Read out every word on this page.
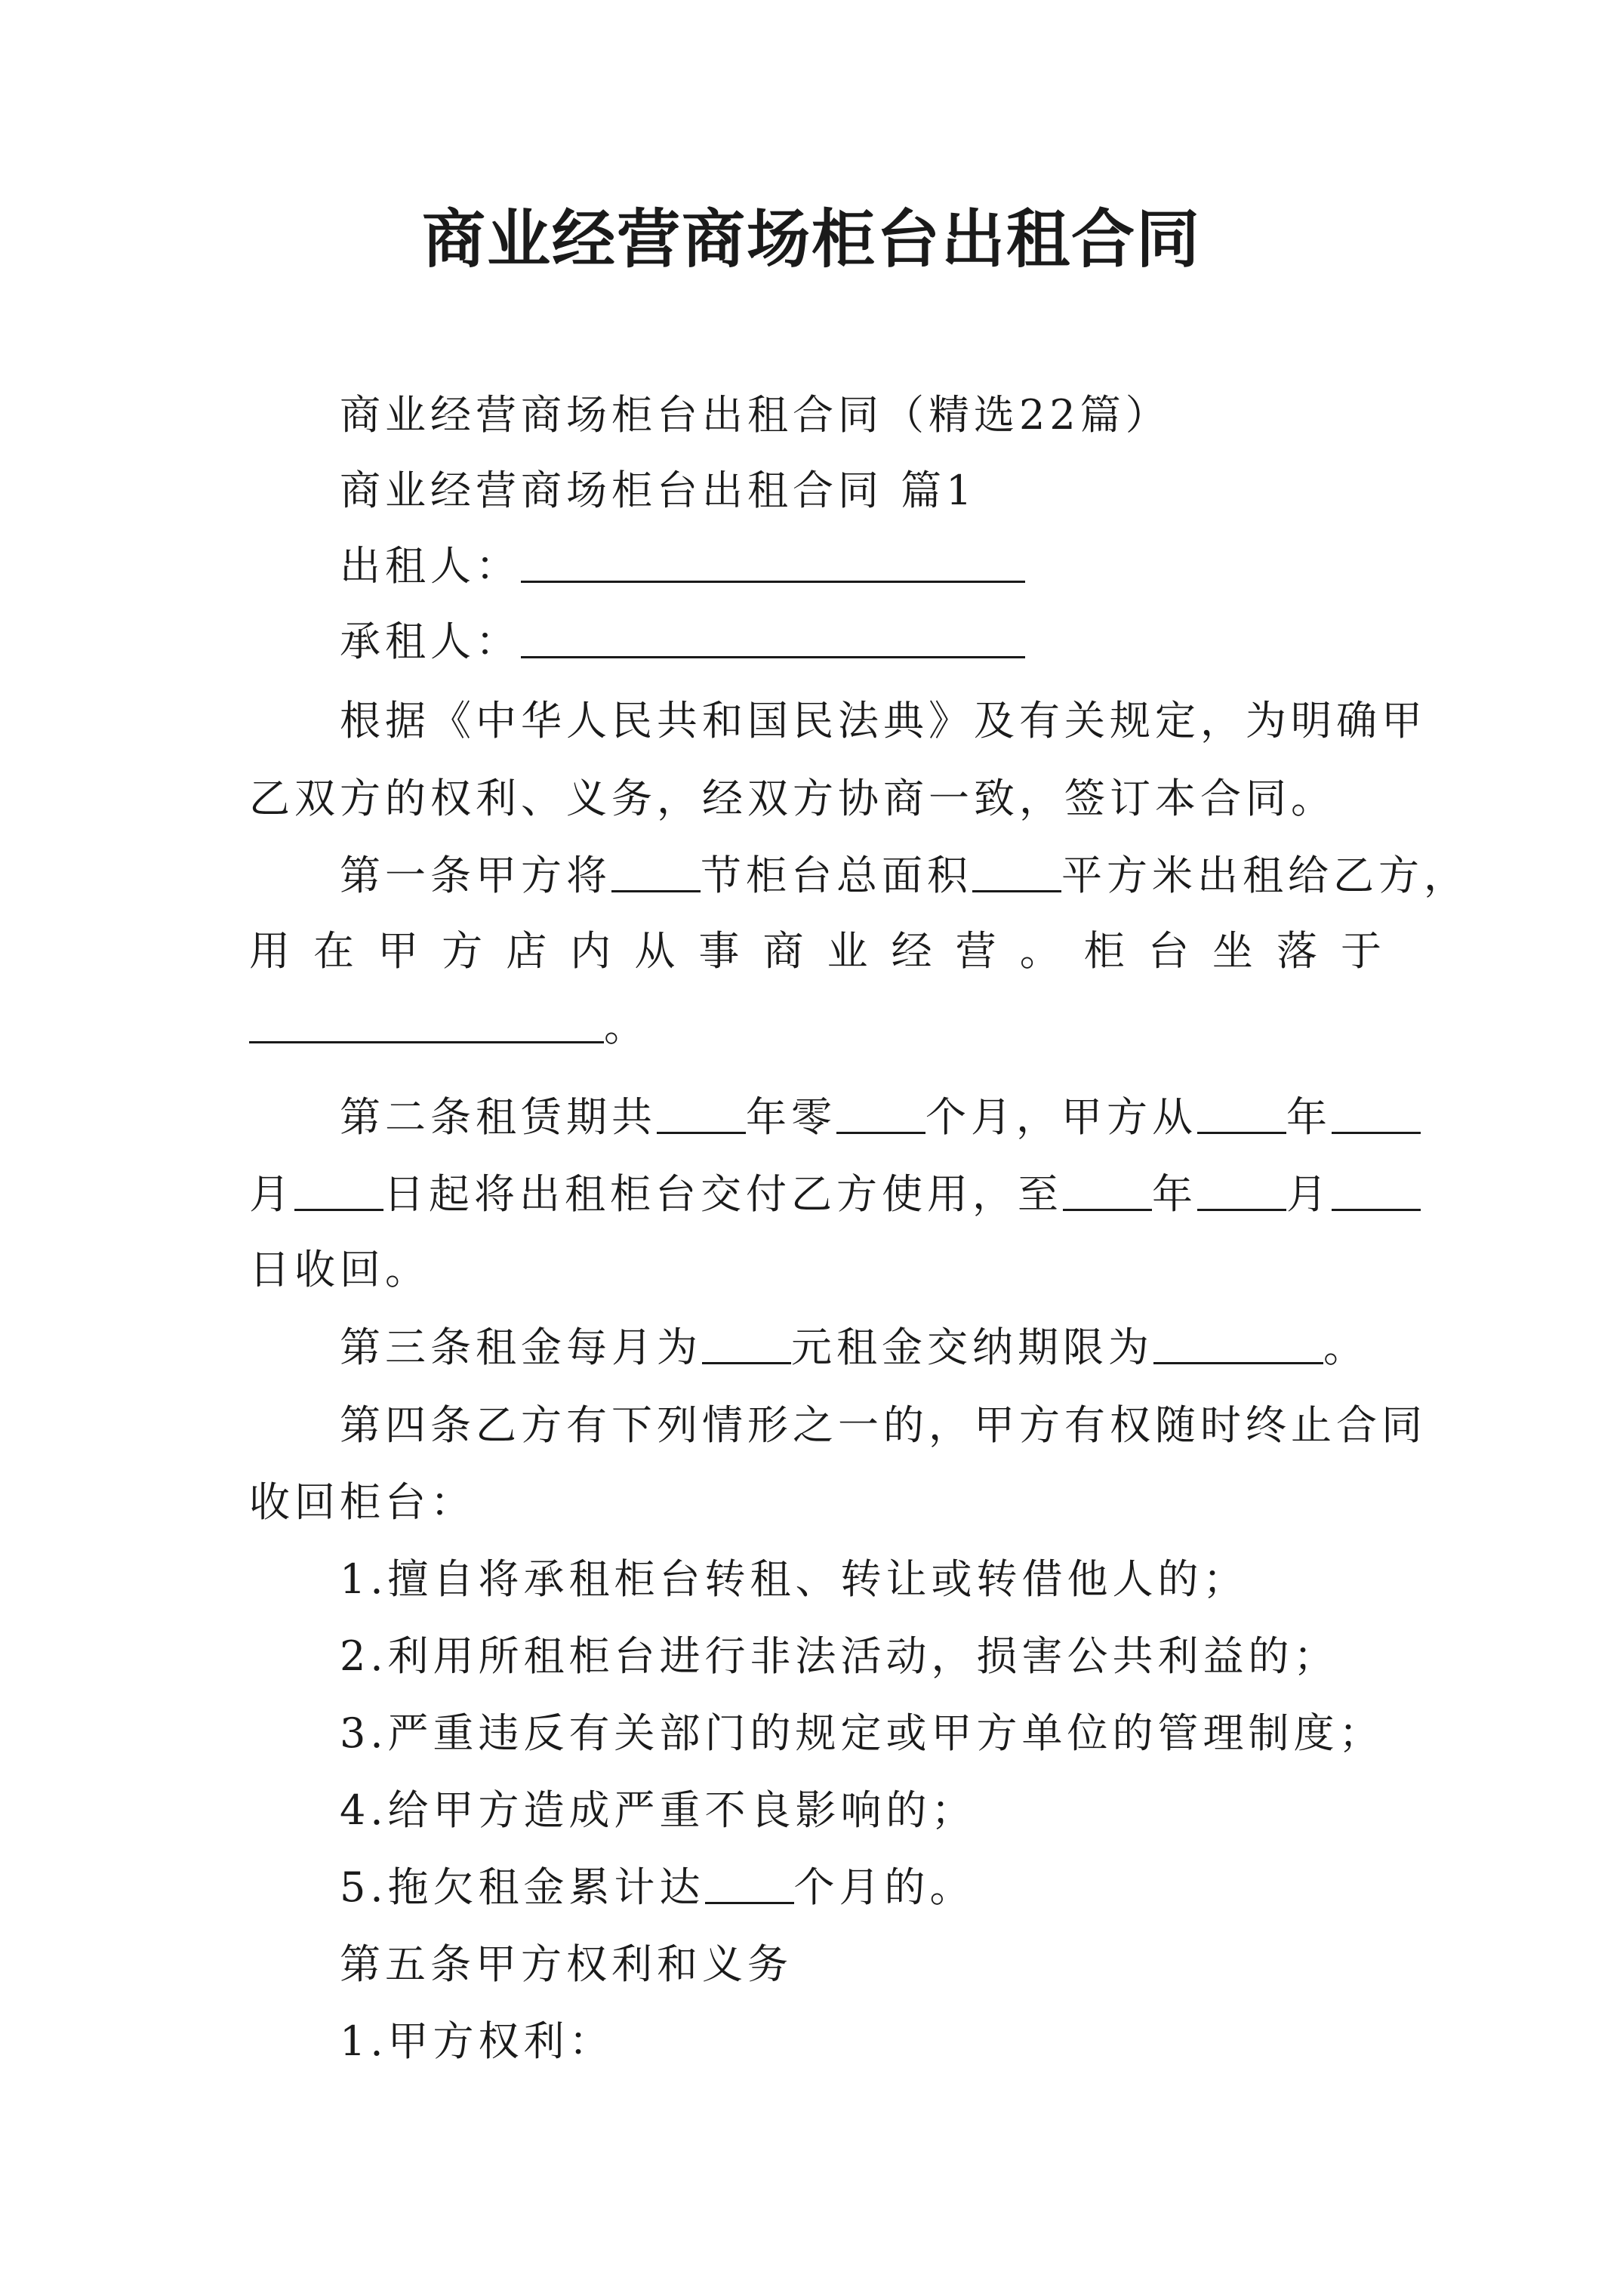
商业经营商场柜台出租合同
商业经营商场柜台出租合同（精选22篇）
商业经营商场柜台出租合同 篇1
出租人：
承租人：
根据《中华人民共和国民法典》及有关规定，为明确甲
乙双方的权利、义务，经双方协商一致，签订本合同。
第一条甲方将 节柜台总面积 平方米出租给乙方，
用在甲方店内从事商业经营。柜台坐落于
。
第二条租赁期共 年零 个月，甲方从 年
月 日起将出租柜台交付乙方使用，至 年 月
日收回。
第三条租金每月为 元租金交纳期限为	。
第四条乙方有下列情形之一的，甲方有权随时终止合同
收回柜台：
1.擅自将承租柜台转租、转让或转借他人的；
2.利用所租柜台进行非法活动，损害公共利益的；
3.严重违反有关部门的规定或甲方单位的管理制度；
4.给甲方造成严重不良影响的；
5.拖欠租金累计达 个月的。
第五条甲方权利和义务
1.甲方权利：
